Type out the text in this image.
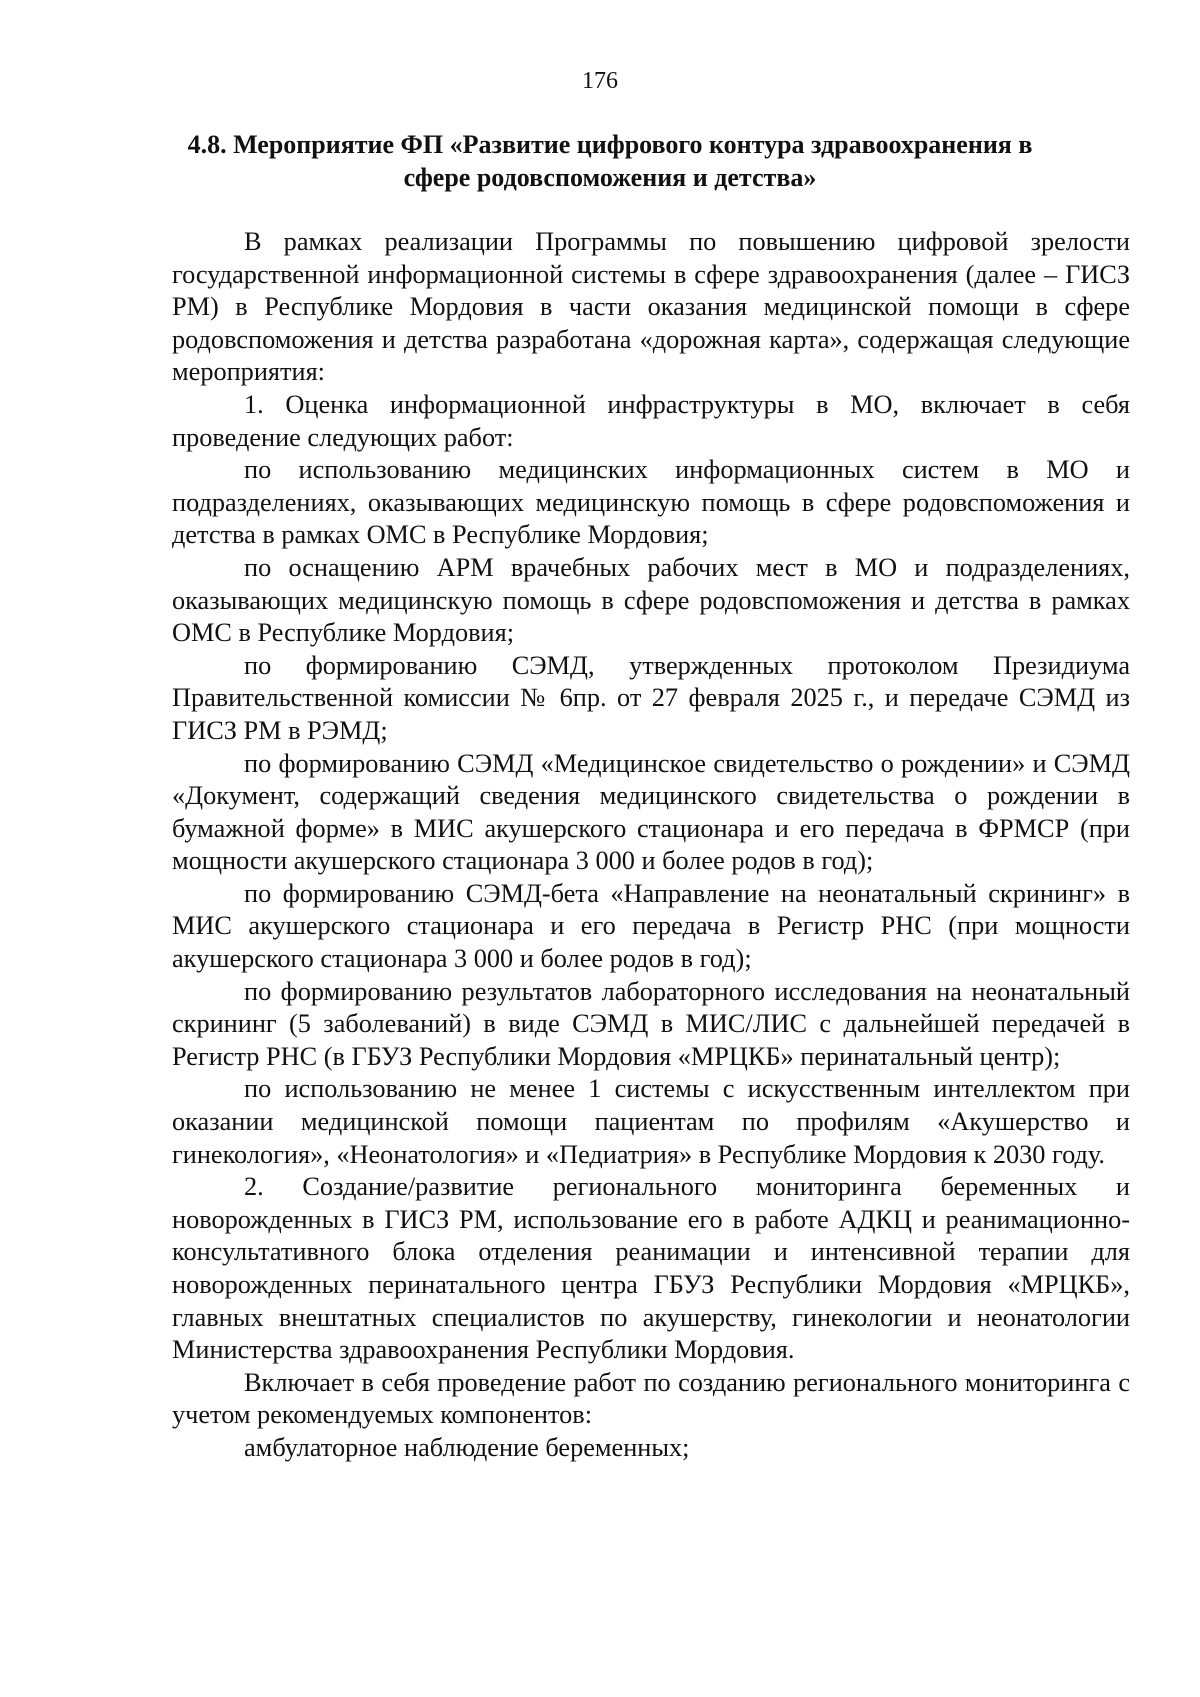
176
4.8. Мероприятие ФП «Развитие цифрового контура здравоохранения в сфере родовспоможения и детства»

В рамках реализации Программы по повышению цифровой зрелости государственной информационной системы в сфере здравоохранения (далее – ГИСЗ РМ) в Республике Мордовия в части оказания медицинской помощи в сфере родовспоможения и детства разработана «дорожная карта», содержащая следующие мероприятия:

1. Оценка информационной инфраструктуры в МО, включает в себя проведение следующих работ:

по использованию медицинских информационных систем в МО и подразделениях, оказывающих медицинскую помощь в сфере родовспоможения и детства в рамках ОМС в Республике Мордовия;

по оснащению АРМ врачебных рабочих мест в МО и подразделениях, оказывающих медицинскую помощь в сфере родовспоможения и детства в рамках ОМС в Республике Мордовия;

по формированию СЭМД, утвержденных протоколом Президиума Правительственной комиссии № 6пр. от 27 февраля 2025 г., и передаче СЭМД из ГИСЗ РМ в РЭМД;

по формированию СЭМД «Медицинское свидетельство о рождении» и СЭМД «Документ, содержащий сведения медицинского свидетельства о рождении в бумажной форме» в МИС акушерского стационара и его передача в ФРМСР (при мощности акушерского стационара 3 000 и более родов в год);

по формированию СЭМД-бета «Направление на неонатальный скрининг» в МИС акушерского стационара и его передача в Регистр РНС (при мощности акушерского стационара 3 000 и более родов в год);

по формированию результатов лабораторного исследования на неонатальный скрининг (5 заболеваний) в виде СЭМД в МИС/ЛИС с дальнейшей передачей в Регистр РНС (в ГБУЗ Республики Мордовия «МРЦКБ» перинатальный центр);

по использованию не менее 1 системы с искусственным интеллектом при оказании медицинской помощи пациентам по профилям «Акушерство и гинекология», «Неонатология» и «Педиатрия» в Республике Мордовия к 2030 году.

2. Создание/развитие регионального мониторинга беременных и новорожденных в ГИСЗ РМ, использование его в работе АДКЦ и реанимационно-консультативного блока отделения реанимации и интенсивной терапии для новорожденных перинатального центра ГБУЗ Республики Мордовия «МРЦКБ», главных внештатных специалистов по акушерству, гинекологии и неонатологии Министерства здравоохранения Республики Мордовия.

Включает в себя проведение работ по созданию регионального мониторинга с учетом рекомендуемых компонентов:

амбулаторное наблюдение беременных;
